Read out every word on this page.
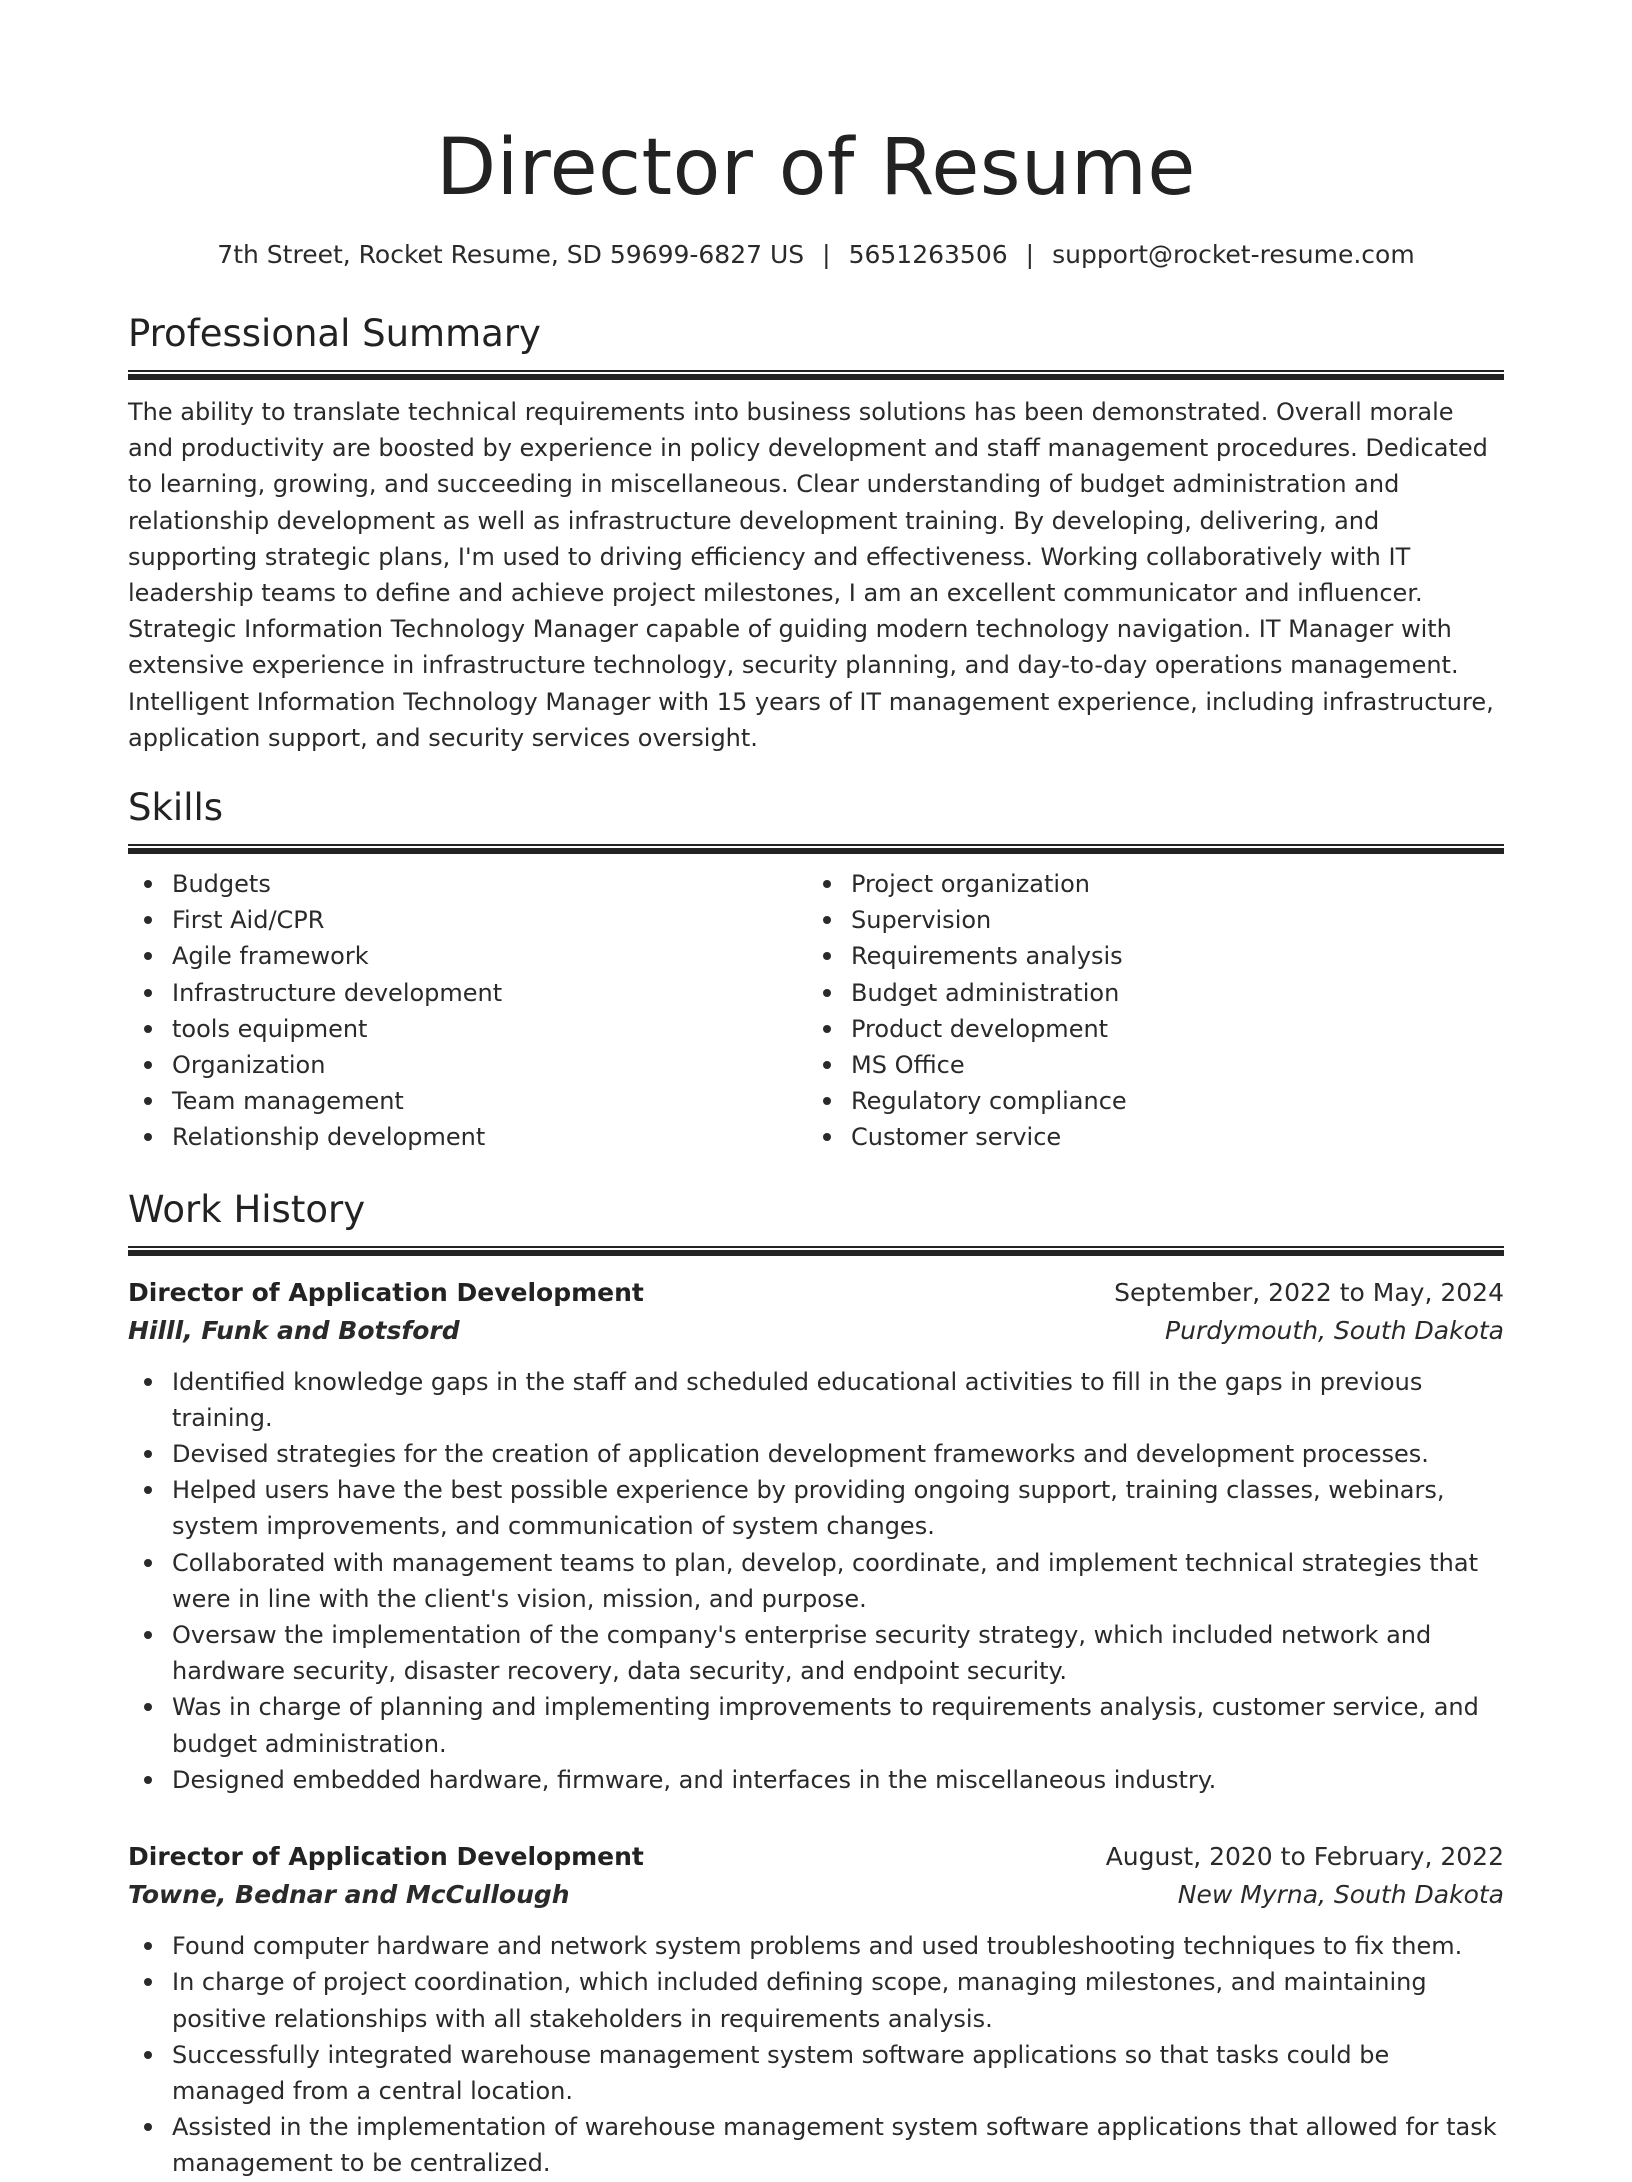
Director of Resume
7th Street, Rocket Resume, SD 59699-6827 US | 5651263506 | support@rocket-resume.com
Professional Summary

The ability to translate technical requirements into business solutions has been demonstrated. Overall morale and productivity are boosted by experience in policy development and staff management procedures. Dedicated to learning, growing, and succeeding in miscellaneous. Clear understanding of budget administration and relationship development as well as infrastructure development training. By developing, delivering, and supporting strategic plans, I'm used to driving efficiency and effectiveness. Working collaboratively with IT leadership teams to define and achieve project milestones, I am an excellent communicator and influencer. Strategic Information Technology Manager capable of guiding modern technology navigation. IT Manager with extensive experience in infrastructure technology, security planning, and day-to-day operations management. Intelligent Information Technology Manager with 15 years of IT management experience, including infrastructure, application support, and security services oversight.

Skills
Budgets
First Aid/CPR
Agile framework
Infrastructure development
tools equipment
Organization
Team management
Relationship development
Project organization
Supervision
Requirements analysis
Budget administration
Product development
MS Office
Regulatory compliance
Customer service
Work History
Director of Application Development	September, 2022 to May, 2024
Hilll, Funk and Botsford	Purdymouth, South Dakota
Identified knowledge gaps in the staff and scheduled educational activities to fill in the gaps in previous training.
Devised strategies for the creation of application development frameworks and development processes.
Helped users have the best possible experience by providing ongoing support, training classes, webinars, system improvements, and communication of system changes.
Collaborated with management teams to plan, develop, coordinate, and implement technical strategies that were in line with the client's vision, mission, and purpose.
Oversaw the implementation of the company's enterprise security strategy, which included network and hardware security, disaster recovery, data security, and endpoint security.
Was in charge of planning and implementing improvements to requirements analysis, customer service, and budget administration.
Designed embedded hardware, firmware, and interfaces in the miscellaneous industry.
Director of Application Development	August, 2020 to February, 2022
Towne, Bednar and McCullough	New Myrna, South Dakota
Found computer hardware and network system problems and used troubleshooting techniques to fix them.
In charge of project coordination, which included defining scope, managing milestones, and maintaining positive relationships with all stakeholders in requirements analysis.
Successfully integrated warehouse management system software applications so that tasks could be managed from a central location.
Assisted in the implementation of warehouse management system software applications that allowed for task management to be centralized.
